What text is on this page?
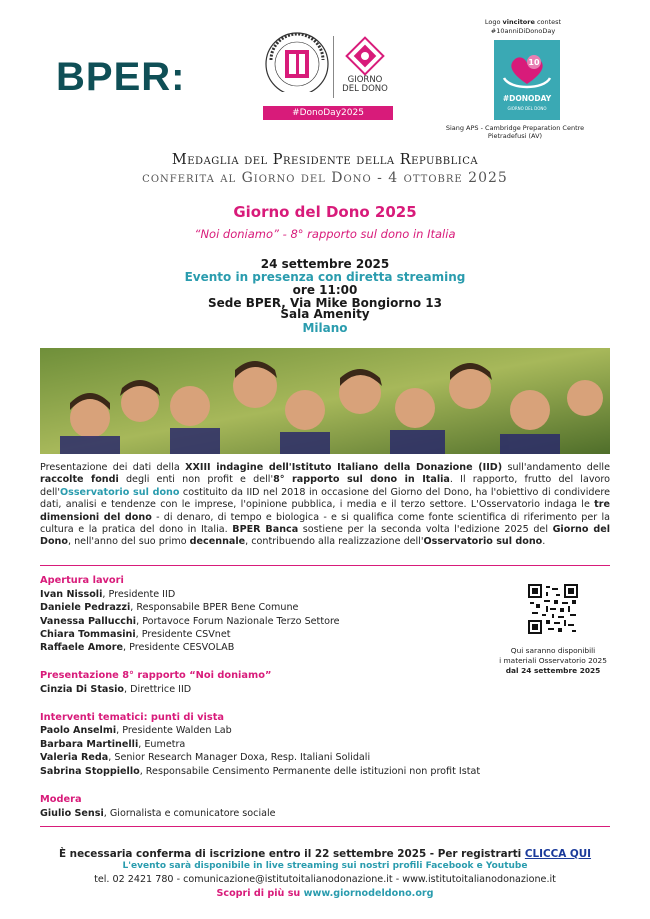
BPER:	GIORNO
DEL DONO
#DonoDay2025
Logo vincitore contest
#10anniDiDonoDay
10
#DONODAY
GIORNO DEL DONO
Siang APS - Cambridge Preparation Centre
Pietradefusi (AV)
Medaglia del Presidente della Repubblica
conferita al Giorno del Dono - 4 ottobre 2025
Giorno del Dono 2025
“Noi doniamo” - 8° rapporto sul dono in Italia
24 settembre 2025
Evento in presenza con diretta streaming
ore 11:00
Sede BPER, Via Mike Bongiorno 13
Sala Amenity
Milano
Presentazione dei dati della XXIII indagine dell'Istituto Italiano della Donazione (IID) sull'andamento delle raccolte fondi degli enti non profit e dell'8° rapporto sul dono in Italia. Il rapporto, frutto del lavoro dell'Osservatorio sul dono costituito da IID nel 2018 in occasione del Giorno del Dono, ha l'obiettivo di condividere dati, analisi e tendenze con le imprese, l'opinione pubblica, i media e il terzo settore. L'Osservatorio indaga le tre dimensioni del dono - di denaro, di tempo e biologica - e si qualifica come fonte scientifica di riferimento per la cultura e la pratica del dono in Italia. BPER Banca sostiene per la seconda volta l'edizione 2025 del Giorno del Dono, nell'anno del suo primo decennale, contribuendo alla realizzazione dell'Osservatorio sul dono.
Apertura lavori
Ivan Nissoli, Presidente IID
Daniele Pedrazzi, Responsabile BPER Bene Comune
Vanessa Pallucchi, Portavoce Forum Nazionale Terzo Settore
Chiara Tommasini, Presidente CSVnet
Raffaele Amore, Presidente CESVOLAB
Presentazione 8° rapporto “Noi doniamo”
Cinzia Di Stasio, Direttrice IID
Interventi tematici: punti di vista
Paolo Anselmi, Presidente Walden Lab
Barbara Martinelli, Eumetra
Valeria Reda, Senior Research Manager Doxa, Resp. Italiani Solidali
Sabrina Stoppiello, Responsabile Censimento Permanente delle istituzioni non profit Istat
Modera
Giulio Sensi, Giornalista e comunicatore sociale
Qui saranno disponibili
i materiali Osservatorio 2025
dal 24 settembre 2025
È necessaria conferma di iscrizione entro il 22 settembre 2025 - Per registrarti CLICCA QUI
L'evento sarà disponibile in live streaming sui nostri profili Facebook e Youtube
tel. 02 2421 780 - comunicazione@istitutoitalianodonazione.it - www.istitutoitalianodonazione.it
Scopri di più su www.giornodeldono.org
